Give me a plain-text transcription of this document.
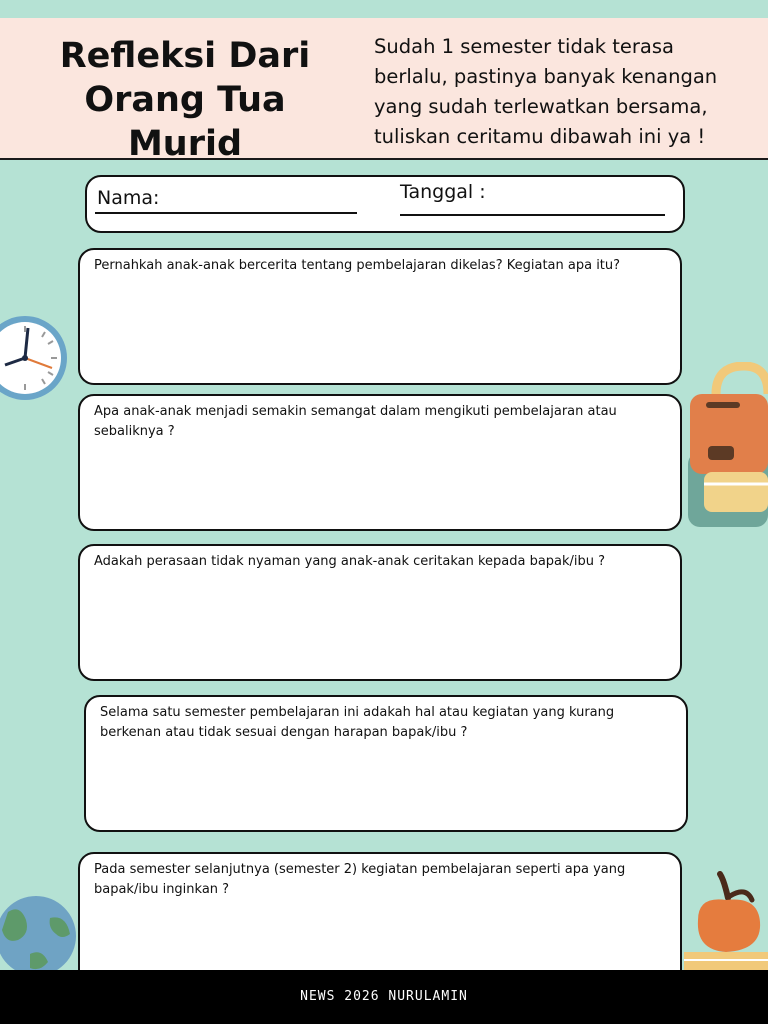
Refleksi Dari
Orang Tua
Murid
Sudah 1 semester tidak terasa
berlalu, pastinya banyak kenangan
yang sudah terlewatkan bersama,
tuliskan ceritamu dibawah ini ya !
Nama:	Tanggal :
Pernahkah anak-anak bercerita tentang pembelajaran dikelas? Kegiatan apa itu?
Apa anak-anak menjadi semakin semangat dalam mengikuti pembelajaran atau sebaliknya ?
Adakah perasaan tidak nyaman yang anak-anak ceritakan kepada bapak/ibu ?
Selama satu semester pembelajaran ini adakah hal atau kegiatan yang kurang berkenan atau tidak sesuai dengan harapan bapak/ibu ?
Pada semester selanjutnya (semester 2) kegiatan pembelajaran seperti apa yang bapak/ibu inginkan ?
NEWS 2026 NURULAMIN
